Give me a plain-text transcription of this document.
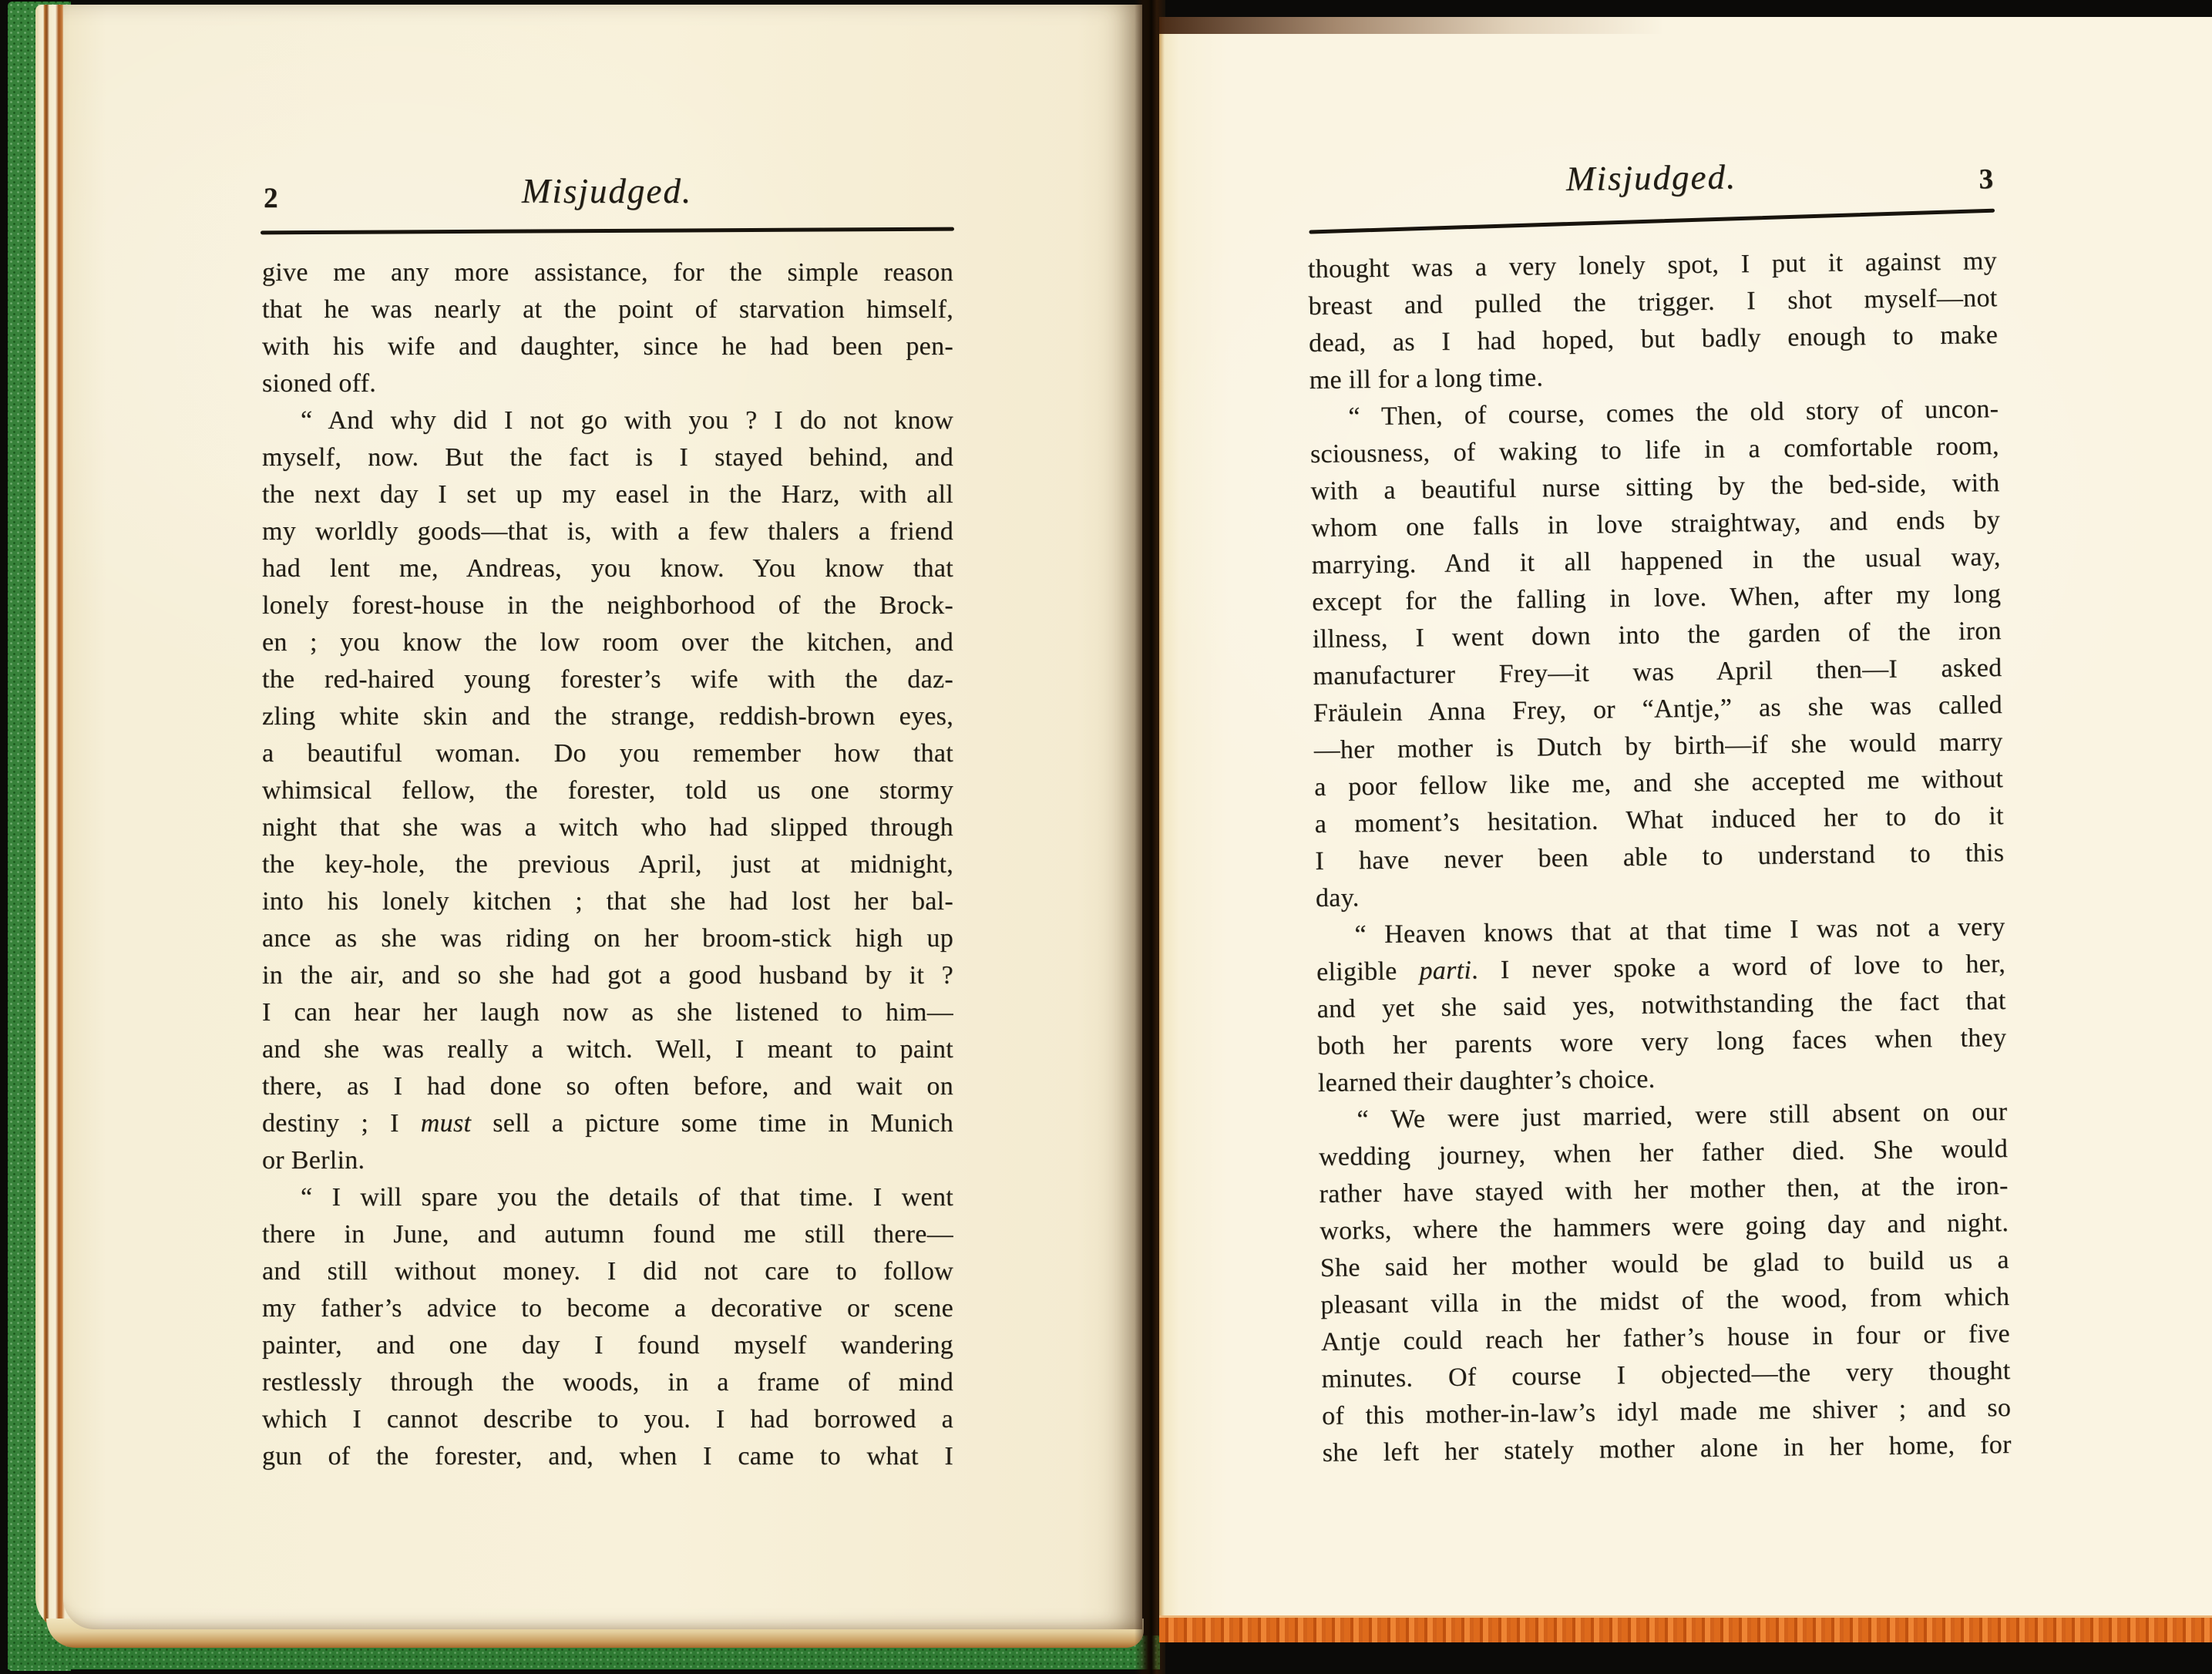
2	Misjudged.
give me any more assistance, for the simple reason
that he was nearly at the point of starvation himself,
with his wife and daughter, since he had been pen-
sioned off.
“ And why did I not go with you ? I do not know
myself, now. But the fact is I stayed behind, and
the next day I set up my easel in the Harz, with all
my worldly goods—that is, with a few thalers a friend
had lent me, Andreas, you know. You know that
lonely forest-house in the neighborhood of the Brock-
en ; you know the low room over the kitchen, and
the red-haired young forester’s wife with the daz-
zling white skin and the strange, reddish-brown eyes,
a beautiful woman. Do you remember how that
whimsical fellow, the forester, told us one stormy
night that she was a witch who had slipped through
the key-hole, the previous April, just at midnight,
into his lonely kitchen ; that she had lost her bal-
ance as she was riding on her broom-stick high up
in the air, and so she had got a good husband by it ?
I can hear her laugh now as she listened to him—
and she was really a witch. Well, I meant to paint
there, as I had done so often before, and wait on
destiny ; I must sell a picture some time in Munich
or Berlin.
“ I will spare you the details of that time. I went
there in June, and autumn found me still there—
and still without money. I did not care to follow
my father’s advice to become a decorative or scene
painter, and one day I found myself wandering
restlessly through the woods, in a frame of mind
which I cannot describe to you. I had borrowed a
gun of the forester, and, when I came to what I
Misjudged.	3
thought was a very lonely spot, I put it against my
breast and pulled the trigger. I shot myself—not
dead, as I had hoped, but badly enough to make
me ill for a long time.
“ Then, of course, comes the old story of uncon-
sciousness, of waking to life in a comfortable room,
with a beautiful nurse sitting by the bed-side, with
whom one falls in love straightway, and ends by
marrying. And it all happened in the usual way,
except for the falling in love. When, after my long
illness, I went down into the garden of the iron
manufacturer Frey—it was April then—I asked
Fräulein Anna Frey, or “Antje,” as she was called
—her mother is Dutch by birth—if she would marry
a poor fellow like me, and she accepted me without
a moment’s hesitation. What induced her to do it
I have never been able to understand to this
day.
“ Heaven knows that at that time I was not a very
eligible parti. I never spoke a word of love to her,
and yet she said yes, notwithstanding the fact that
both her parents wore very long faces when they
learned their daughter’s choice.
“ We were just married, were still absent on our
wedding journey, when her father died. She would
rather have stayed with her mother then, at the iron-
works, where the hammers were going day and night.
She said her mother would be glad to build us a
pleasant villa in the midst of the wood, from which
Antje could reach her father’s house in four or five
minutes. Of course I objected—the very thought
of this mother-in-law’s idyl made me shiver ; and so
she left her stately mother alone in her home, for
